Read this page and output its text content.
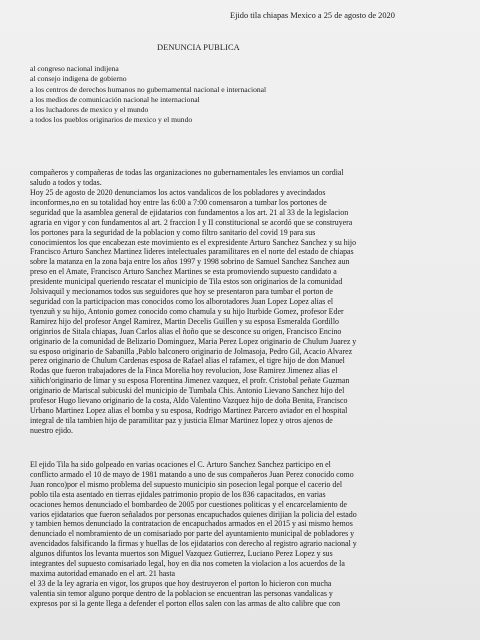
Ejido tila chiapas Mexico a 25 de agosto de 2020
DENUNCIA PUBLICA
al congreso nacional indijena
al consejo indigena de gobierno
a los centros de derechos humanos no gubernamental nacional e internacional
a los medios de comunicación nacional he internacional
a los luchadores de mexico y el mundo
a todos los pueblos originarios de mexico y el mundo
compañeros y compañeras de todas las organizaciones no gubernamentales les enviamos un cordial
saludo a todos y todas.
Hoy 25 de agosto de 2020 denunciamos los actos vandalicos de los pobladores y avecindados
inconformes,no en su totalidad hoy entre las 6:00 a 7:00 comensaron a tumbar los portones de
seguridad que la asamblea general de ejidatarios con fundamentos a los art. 21 al 33 de la legislacion
agraria en vigor y con fundamentos al art. 2 fraccion I y II constitucional se acordó que se construyera
los portones para la seguridad de la poblacion y como filtro sanitario del covid 19 para sus
conocimientos los que encabezan este movimiento es el expresidente Arturo Sanchez Sanchez y su hijo
Francisco Arturo Sanchez Martinez lideres intelectuales paramilitares en el norte del estado de chiapas
sobre la matanza en la zona baja entre los años 1997 y 1998 sobrino de Samuel Sanchez Sanchez aun
preso en el Amate, Francisco Arturo Sanchez Martines se esta promoviendo supuesto candidato a
presidente municipal queriendo rescatar el municipio de Tila estos son originarios de la comunidad
Jolsivaquil y mecionamos todos sus seguidores que hoy se presentaron para tumbar el porton de
seguridad con la participacion mas conocidos como los alborotadores Juan Lopez Lopez alias el
tyenzuñ y su hijo, Antonio gomez conocido como chamula y su hijo Iturbide Gomez, profesor Eder
Ramirez hijo del profesor Angel Ramirez, Martin Decelis Guillen y su esposa Esmeralda Gordillo
originrios de Sitala chiapas, Juan Carlos alias el ñoño que se desconce su origen, Francisco Encino
originario de la comunidad de Belizario Dominguez, Maria Perez Lopez originario de Chulum Juarez y
su esposo originario de Sabanilla ,Pablo balconero originario de Jolmasoja, Pedro Gil, Acacio Alvarez
perez originario de Chulum Cardenas esposa de Rafael alias el rafamex, el tigre hijo de don Manuel
Rodas que fueron trabajadores de la Finca Morelia hoy revolucion, Jose Ramirez Jimenez alias el
xiñich'originario de limar y su esposa Florentina Jimenez vazquez, el profr. Cristobal peñate Guzman
originario de Mariscal subicuski del municipio de Tumbala Chis. Antonio Lievano Sanchez hijo del
profesor Hugo lievano originario de la costa, Aldo Valentino Vazquez hijo de doña Benita, Francisco
Urbano Martinez Lopez alias el bomba y su esposa, Rodrigo Martinez Parcero aviador en el hospital
integral de tila tambien hijo de paramilitar paz y justicia Elmar Martinez lopez y otros ajenos de
nuestro ejido.
El ejido Tila ha sido golpeado en varias ocaciones el C. Arturo Sanchez Sanchez participo en el
conflicto armado el 10 de mayo de 1981 matando a uno de sus compañeros Juan Perez conocido como
Juan ronco)por el mismo problema del supuesto municipio sin posecion legal porque el cacerio del
poblo tila esta asentado en tierras ejidales patrimonio propio de los 836 capacitados, en varias
ocaciones hemos denunciado el bombardeo de 2005 por cuestiones politicas y el encarcelamiento de
varios ejidatarios que fueron señalados por personas encapuchados quienes dirijian la policia del estado
y tambien hemos denunciado la contratacion de encapuchados armados en el 2015 y asi mismo hemos
denunciado el nombramiento de un comisariado por parte del ayuntamiento municipal de pobladores y
avencidados falsificando la firmas y huellas de los ejidatarios con derecho al registro agrario nacional y
algunos difuntos los levanta muertos son Miguel Vazquez Gutierrez, Luciano Perez Lopez y sus
integrantes del supuesto comisariado legal, hoy en dia nos cometen la violacion a los acuerdos de la
maxima autoridad emanado en el art. 21 hasta
el 33 de la ley agraria en vigor, los grupos que hoy destruyeron el porton lo hicieron con mucha
valentia sin temor alguno porque dentro de la poblacion se encuentran las personas vandalicas y
expresos por si la gente llega a defender el porton ellos salen con las armas de alto calibre que con
